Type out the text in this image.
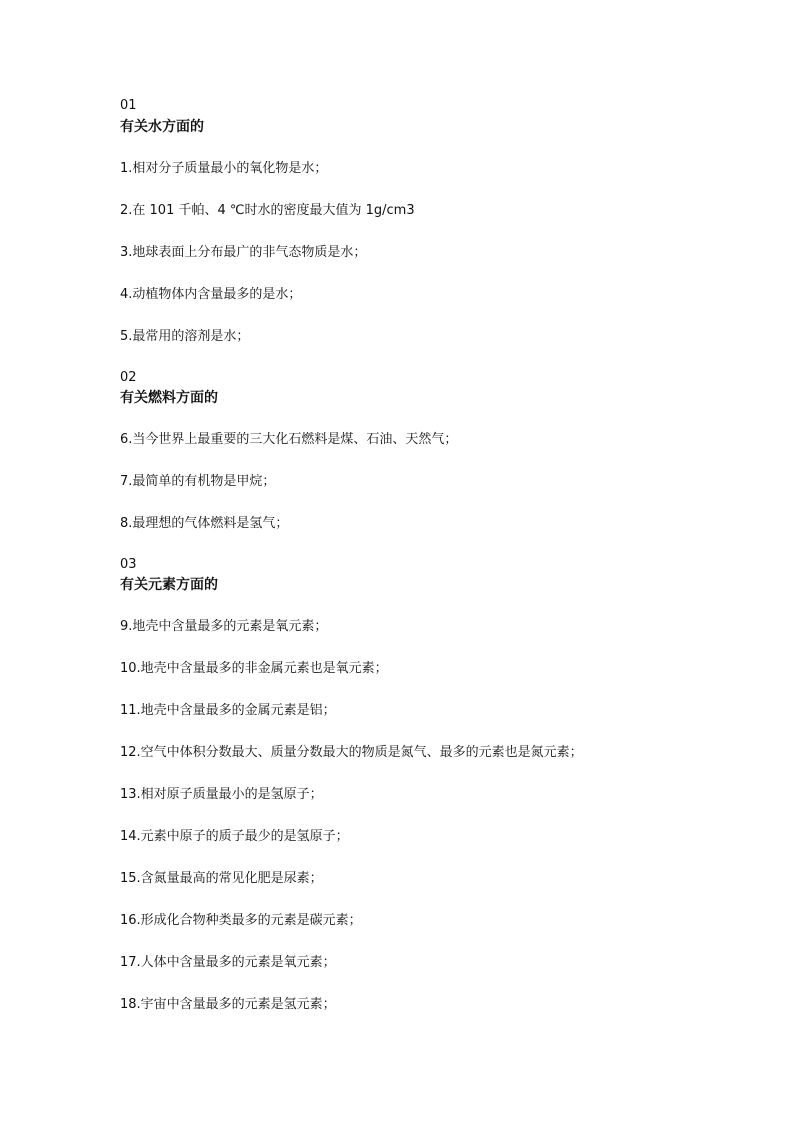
01
有关水方面的
1.相对分子质量最小的氧化物是水；
2.在 101 千帕、4 ℃时水的密度最大值为 1g/cm3
3.地球表面上分布最广的非气态物质是水；
4.动植物体内含量最多的是水；
5.最常用的溶剂是水；
02
有关燃料方面的
6.当今世界上最重要的三大化石燃料是煤、石油、天然气；
7.最简单的有机物是甲烷；
8.最理想的气体燃料是氢气；
03
有关元素方面的
9.地壳中含量最多的元素是氧元素；
10.地壳中含量最多的非金属元素也是氧元素；
11.地壳中含量最多的金属元素是铝；
12.空气中体积分数最大、质量分数最大的物质是氮气、最多的元素也是氮元素；
13.相对原子质量最小的是氢原子；
14.元素中原子的质子最少的是氢原子；
15.含氮量最高的常见化肥是尿素；
16.形成化合物种类最多的元素是碳元素；
17.人体中含量最多的元素是氧元素；
18.宇宙中含量最多的元素是氢元素；
